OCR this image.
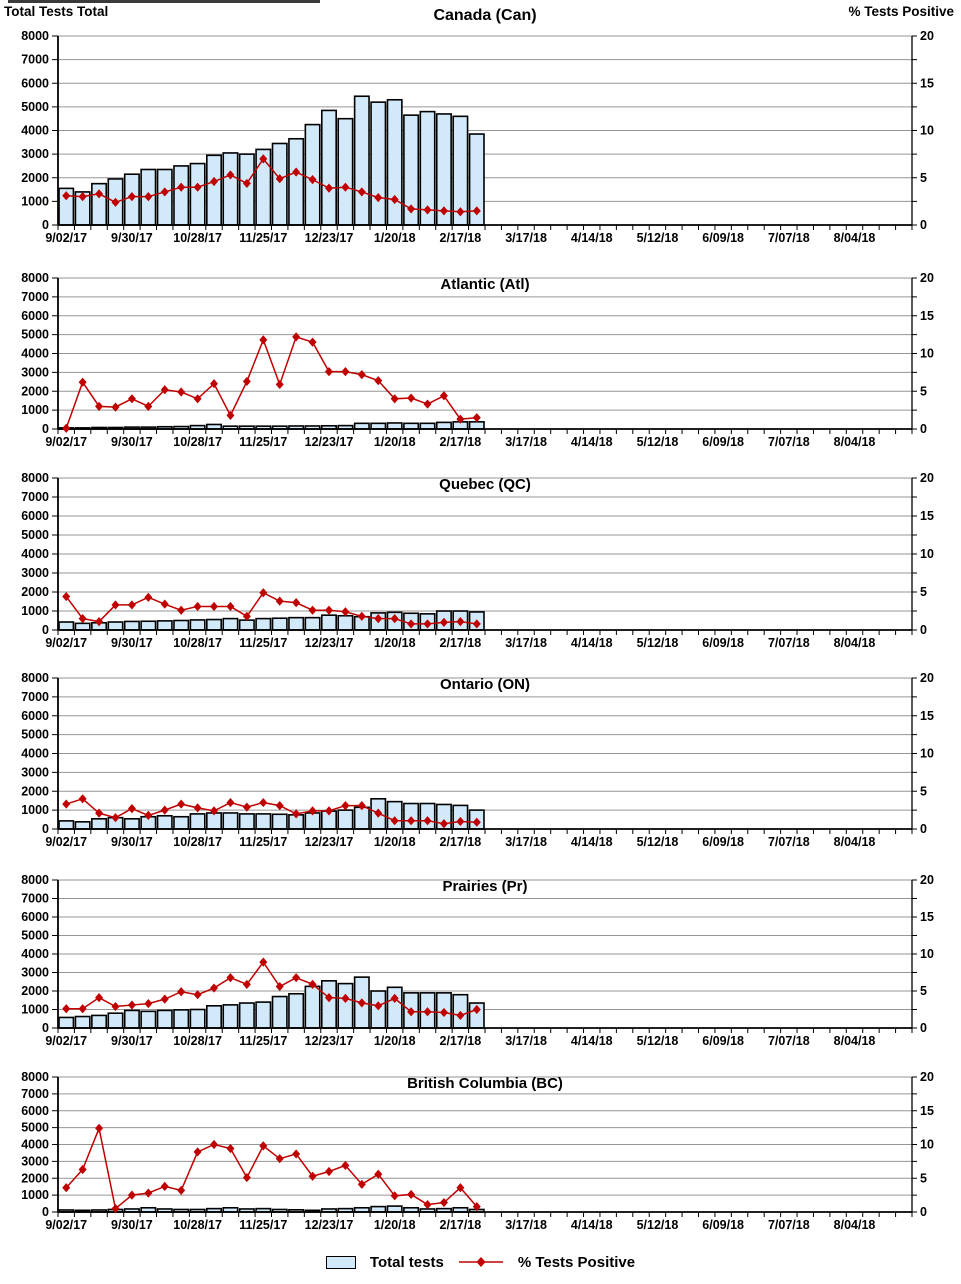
0
1000
2000
3000
4000
5000
6000
7000
8000
0
5
10
15
20
9/02/17 9/30/17 10/28/17 11/25/17 12/23/17 1/20/18 2/17/18 3/17/18 4/14/18 5/12/18 6/09/18 7/07/18 8/04/18
Canada (Can)
Total Tests Total	% Tests Positive
0
1000
2000
3000
4000
5000
6000
7000
8000
0
5
10
15
20
9/02/17 9/30/17 10/28/17 11/25/17 12/23/17 1/20/18 2/17/18 3/17/18 4/14/18 5/12/18 6/09/18 7/07/18 8/04/18
Atlantic (Atl)
0
1000
2000
3000
4000
5000
6000
7000
8000
0
5
10
15
20
9/02/17 9/30/17 10/28/17 11/25/17 12/23/17 1/20/18 2/17/18 3/17/18 4/14/18 5/12/18 6/09/18 7/07/18 8/04/18
Quebec (QC)
0
1000
2000
3000
4000
5000
6000
7000
8000
0
5
10
15
20
9/02/17 9/30/17 10/28/17 11/25/17 12/23/17 1/20/18 2/17/18 3/17/18 4/14/18 5/12/18 6/09/18 7/07/18 8/04/18
Ontario (ON)
0
1000
2000
3000
4000
5000
6000
7000
8000
0
5
10
15
20
9/02/17 9/30/17 10/28/17 11/25/17 12/23/17 1/20/18 2/17/18 3/17/18 4/14/18 5/12/18 6/09/18 7/07/18 8/04/18
Prairies (Pr)
0
1000
2000
3000
4000
5000
6000
7000
8000
0
5
10
15
20
9/02/17 9/30/17 10/28/17 11/25/17 12/23/17 1/20/18 2/17/18 3/17/18 4/14/18 5/12/18 6/09/18 7/07/18 8/04/18
British Columbia (BC)
Total tests	% Tests Positive
